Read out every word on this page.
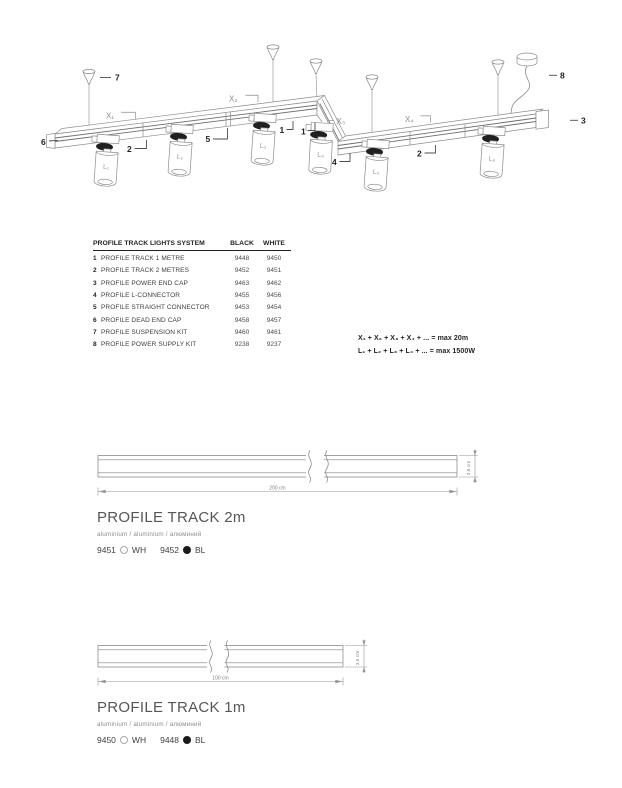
L₁
L₂
L₃
L₄
L₅
L₆
7
6
2
5
1 1
4
2
3
8
X₁
X₂
X₃	X₄
PROFILE TRACK LIGHTS SYSTEM	BLACK	WHITE
1 PROFILE TRACK 1 METRE	9448	9450
2 PROFILE TRACK 2 METRES	9452	9451
3 PROFILE POWER END CAP	9463	9462
4 PROFILE L-CONNECTOR	9455	9456
5 PROFILE STRAIGHT CONNECTOR	9453	9454
6 PROFILE DEAD END CAP	9458	9457
7 PROFILE SUSPENSION KIT	9460	9461
8 PROFILE POWER SUPPLY KIT	9238	9237
X₁ + X₂ + X₃ + X₄ + ... = max 20m
L₁ + L₂ + L₃ + L₄ + ... = max 1500W
200 cm
3,5 cm
PROFILE TRACK 2m
aluminium / aluminium / алюминий
9451 WH 9452 BL
100 cm
3,5 cm
PROFILE TRACK 1m
aluminium / aluminium / алюминий
9450 WH 9448 BL
